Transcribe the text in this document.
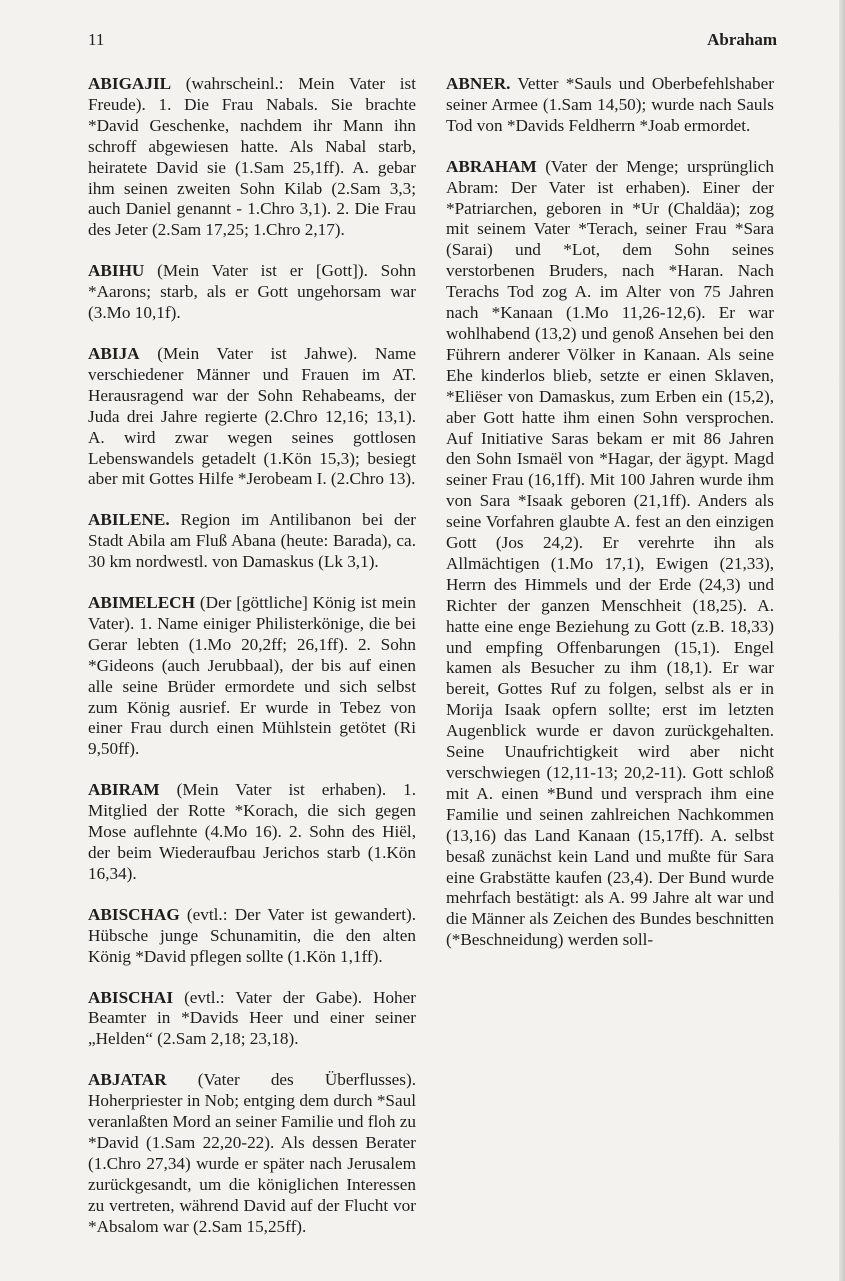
11	Abraham

ABIGAJIL (wahrscheinl.: Mein Vater ist Freude). 1. Die Frau Nabals. Sie brachte *David Geschenke, nachdem ihr Mann ihn schroff abgewiesen hatte. Als Nabal starb, heiratete David sie (1.Sam 25,1ff). A. gebar ihm seinen zweiten Sohn Kilab (2.Sam 3,3; auch Daniel genannt - 1.Chro 3,1). 2. Die Frau des Jeter (2.Sam 17,25; 1.Chro 2,17).

ABIHU (Mein Vater ist er [Gott]). Sohn *Aarons; starb, als er Gott ungehorsam war (3.Mo 10,1f).

ABIJA (Mein Vater ist Jahwe). Name verschiedener Männer und Frauen im AT. Herausragend war der Sohn Rehabeams, der Juda drei Jahre regierte (2.Chro 12,16; 13,1). A. wird zwar wegen seines gottlosen Lebenswandels getadelt (1.Kön 15,3); besiegt aber mit Gottes Hilfe *Jerobeam I. (2.Chro 13).

ABILENE. Region im Antilibanon bei der Stadt Abila am Fluß Abana (heute: Barada), ca. 30 km nordwestl. von Damaskus (Lk 3,1).

ABIMELECH (Der [göttliche] König ist mein Vater). 1. Name einiger Philisterkönige, die bei Gerar lebten (1.Mo 20,2ff; 26,1ff). 2. Sohn *Gideons (auch Jerubbaal), der bis auf einen alle seine Brüder ermordete und sich selbst zum König ausrief. Er wurde in Tebez von einer Frau durch einen Mühlstein getötet (Ri 9,50ff).

ABIRAM (Mein Vater ist erhaben). 1. Mitglied der Rotte *Korach, die sich gegen Mose auflehnte (4.Mo 16). 2. Sohn des Hiël, der beim Wiederaufbau Jerichos starb (1.Kön 16,34).

ABISCHAG (evtl.: Der Vater ist gewandert). Hübsche junge Schunamitin, die den alten König *David pflegen sollte (1.Kön 1,1ff).

ABISCHAI (evtl.: Vater der Gabe). Hoher Beamter in *Davids Heer und einer seiner „Helden“ (2.Sam 2,18; 23,18).

ABJATAR (Vater des Überflusses). Hoherpriester in Nob; entging dem durch *Saul veranlaßten Mord an seiner Familie und floh zu *David (1.Sam 22,20-22). Als dessen Berater (1.Chro 27,34) wurde er später nach Jerusalem zurückgesandt, um die königlichen Interessen zu vertreten, während David auf der Flucht vor *Absalom war (2.Sam 15,25ff).

ABNER. Vetter *Sauls und Oberbefehlshaber seiner Armee (1.Sam 14,50); wurde nach Sauls Tod von *Davids Feldherrn *Joab ermordet.

ABRAHAM (Vater der Menge; ursprünglich Abram: Der Vater ist erhaben). Einer der *Patriarchen, geboren in *Ur (Chaldäa); zog mit seinem Vater *Terach, seiner Frau *Sara (Sarai) und *Lot, dem Sohn seines verstorbenen Bruders, nach *Haran. Nach Terachs Tod zog A. im Alter von 75 Jahren nach *Kanaan (1.Mo 11,26-12,6). Er war wohlhabend (13,2) und genoß Ansehen bei den Führern anderer Völker in Kanaan. Als seine Ehe kinderlos blieb, setzte er einen Sklaven, *Eliëser von Damaskus, zum Erben ein (15,2), aber Gott hatte ihm einen Sohn versprochen. Auf Initiative Saras bekam er mit 86 Jahren den Sohn Ismaël von *Hagar, der ägypt. Magd seiner Frau (16,1ff). Mit 100 Jahren wurde ihm von Sara *Isaak geboren (21,1ff). Anders als seine Vorfahren glaubte A. fest an den einzigen Gott (Jos 24,2). Er verehrte ihn als Allmächtigen (1.Mo 17,1), Ewigen (21,33), Herrn des Himmels und der Erde (24,3) und Richter der ganzen Menschheit (18,25). A. hatte eine enge Beziehung zu Gott (z.B. 18,33) und empfing Offenbarungen (15,1). Engel kamen als Besucher zu ihm (18,1). Er war bereit, Gottes Ruf zu folgen, selbst als er in Morija Isaak opfern sollte; erst im letzten Augenblick wurde er davon zurückgehalten. Seine Unaufrichtigkeit wird aber nicht verschwiegen (12,11-13; 20,2-11). Gott schloß mit A. einen *Bund und versprach ihm eine Familie und seinen zahlreichen Nachkommen (13,16) das Land Kanaan (15,17ff). A. selbst besaß zunächst kein Land und mußte für Sara eine Grabstätte kaufen (23,4). Der Bund wurde mehrfach bestätigt: als A. 99 Jahre alt war und die Männer als Zeichen des Bundes beschnitten (*Beschneidung) werden soll-
